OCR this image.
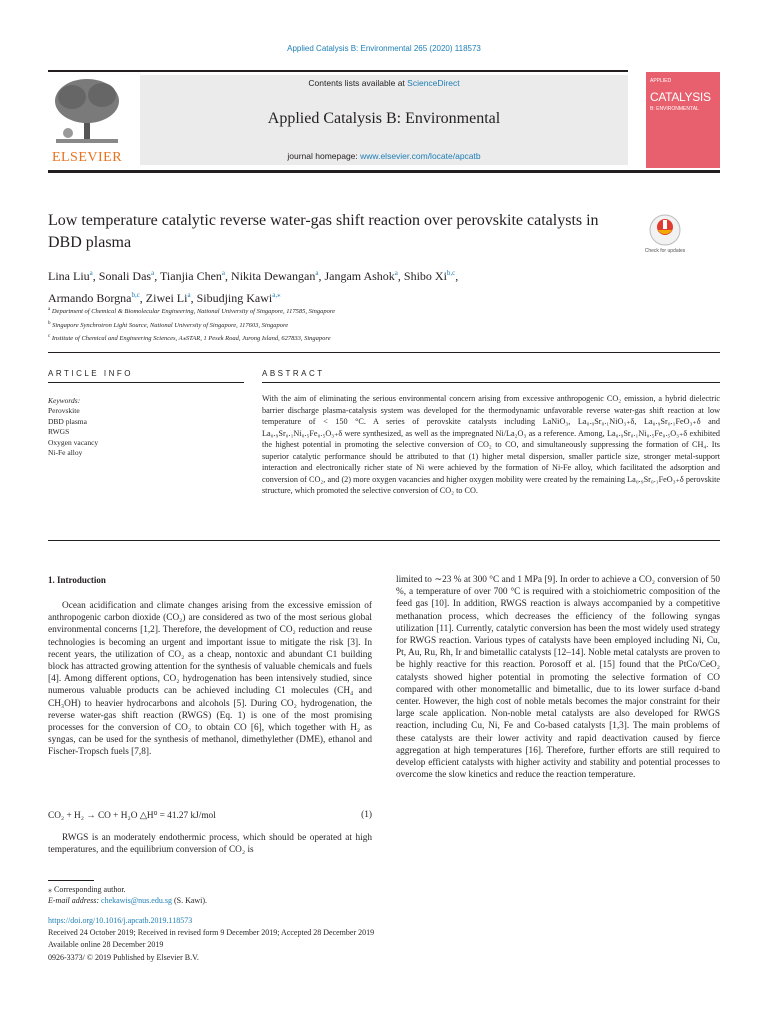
Applied Catalysis B: Environmental 265 (2020) 118573
ELSEVIER
Contents lists available at ScienceDirect
Applied Catalysis B: Environmental
journal homepage: www.elsevier.com/locate/apcatb
APPLIED
CATALYSIS
B: ENVIRONMENTAL
Low temperature catalytic reverse water-gas shift reaction over perovskite catalysts in DBD plasma	Check for updates
Lina Liu$^a$, Sonali Das$^a$, Tianjia Chen$^a$, Nikita Dewangan$^a$, Jangam Ashok$^a$, Shibo Xi$^{b,c}$,
Armando Borgna$^{b,c}$, Ziwei Li$^a$, Sibudjing Kawi$^{a,⁎}$
$^a$ Department of Chemical & Biomolecular Engineering, National University of Singapore, 117585, Singapore
$^b$ Singapore Synchrotron Light Source, National University of Singapore, 117603, Singapore
$^c$ Institute of Chemical and Engineering Sciences, A⁎STAR, 1 Pesek Road, Jurong Island, 627833, Singapore
ARTICLE INFO
Keywords:
Perovskite
DBD plasma
RWGS
Oxygen vacancy
Ni-Fe alloy
ABSTRACT
With the aim of eliminating the serious environmental concern arising from excessive anthropogenic CO₂ emission, a hybrid dielectric barrier discharge plasma-catalysis system was developed for the thermodynamic unfavorable reverse water-gas shift reaction at low temperature of < 150 °C. A series of perovskite catalysts including LaNiO₃, La₀.₉Sr₀.₁NiO₃₊δ, La₀.₉Sr₀.₁FeO₃₊δ and La₀.₉Sr₀.₁Ni₀.₅Fe₀.₅O₃₊δ were synthesized, as well as the impregnated Ni/La₂O₃ as a reference. Among, La₀.₉Sr₀.₁Ni₀.₅Fe₀.₅O₃₊δ exhibited the highest potential in promoting the selective conversion of CO₂ to CO, and simultaneously suppressing the formation of CH₄. Its superior catalytic performance should be attributed to that (1) higher metal dispersion, smaller particle size, stronger metal-support interaction and electronically richer state of Ni were achieved by the formation of Ni-Fe alloy, which facilitated the adsorption and conversion of CO₂, and (2) more oxygen vacancies and higher oxygen mobility were created by the remaining La₀.₉Sr₀.₁FeO₃₊δ perovskite structure, which promoted the selective conversion of CO₂ to CO.
1. Introduction

Ocean acidification and climate changes arising from the excessive emission of anthropogenic carbon dioxide (CO₂) are considered as two of the most serious global environmental concerns [1,2]. Therefore, the development of CO₂ reduction and reuse technologies is becoming an urgent and important issue to mitigate the risk [3]. In recent years, the utilization of CO₂ as a cheap, nontoxic and abundant C1 building block has attracted growing attention for the synthesis of valuable chemicals and fuels [4]. Among different options, CO₂ hydrogenation has been intensively studied, since numerous valuable products can be achieved including C1 molecules (CH₄ and CH₃OH) to heavier hydrocarbons and alcohols [5]. During CO₂ hydrogenation, the reverse water-gas shift reaction (RWGS) (Eq. 1) is one of the most promising processes for the conversion of CO₂ to obtain CO [6], which together with H₂ as syngas, can be used for the synthesis of methanol, dimethylether (DME), ethanol and Fischer-Tropsch fuels [7,8].

CO₂ + H₂ → CO + H₂O △H⁰ = 41.27 kJ/mol	(1)
RWGS is an moderately endothermic process, which should be operated at high temperatures, and the equilibrium conversion of CO₂ is
limited to ∼23 % at 300 °C and 1 MPa [9]. In order to achieve a CO₂ conversion of 50 %, a temperature of over 700 °C is required with a stoichiometric composition of the feed gas [10]. In addition, RWGS reaction is always accompanied by a competitive methanation process, which decreases the efficiency of the following syngas utilization [11]. Currently, catalytic conversion has been the most widely used strategy for RWGS reaction. Various types of catalysts have been employed including Ni, Cu, Pt, Au, Ru, Rh, Ir and bimetallic catalysts [12–14]. Noble metal catalysts are proven to be highly reactive for this reaction. Porosoff et al. [15] found that the PtCo/CeO₂ catalysts showed higher potential in promoting the selective formation of CO compared with other monometallic and bimetallic, due to its lower surface d-band center. However, the high cost of noble metals becomes the major constraint for their large scale application. Non-noble metal catalysts are also developed for RWGS reaction, including Cu, Ni, Fe and Co-based catalysts [1,3]. The main problems of these catalysts are their lower activity and rapid deactivation caused by fierce aggregation at high temperatures [16]. Therefore, further efforts are still required to develop efficient catalysts with higher activity and stability and potential processes to overcome the slow kinetics and reduce the reaction temperature.
⁎ Corresponding author.
E-mail address: chekawis@nus.edu.sg (S. Kawi).
https://doi.org/10.1016/j.apcatb.2019.118573
Received 24 October 2019; Received in revised form 9 December 2019; Accepted 28 December 2019
Available online 28 December 2019
0926-3373/ © 2019 Published by Elsevier B.V.
